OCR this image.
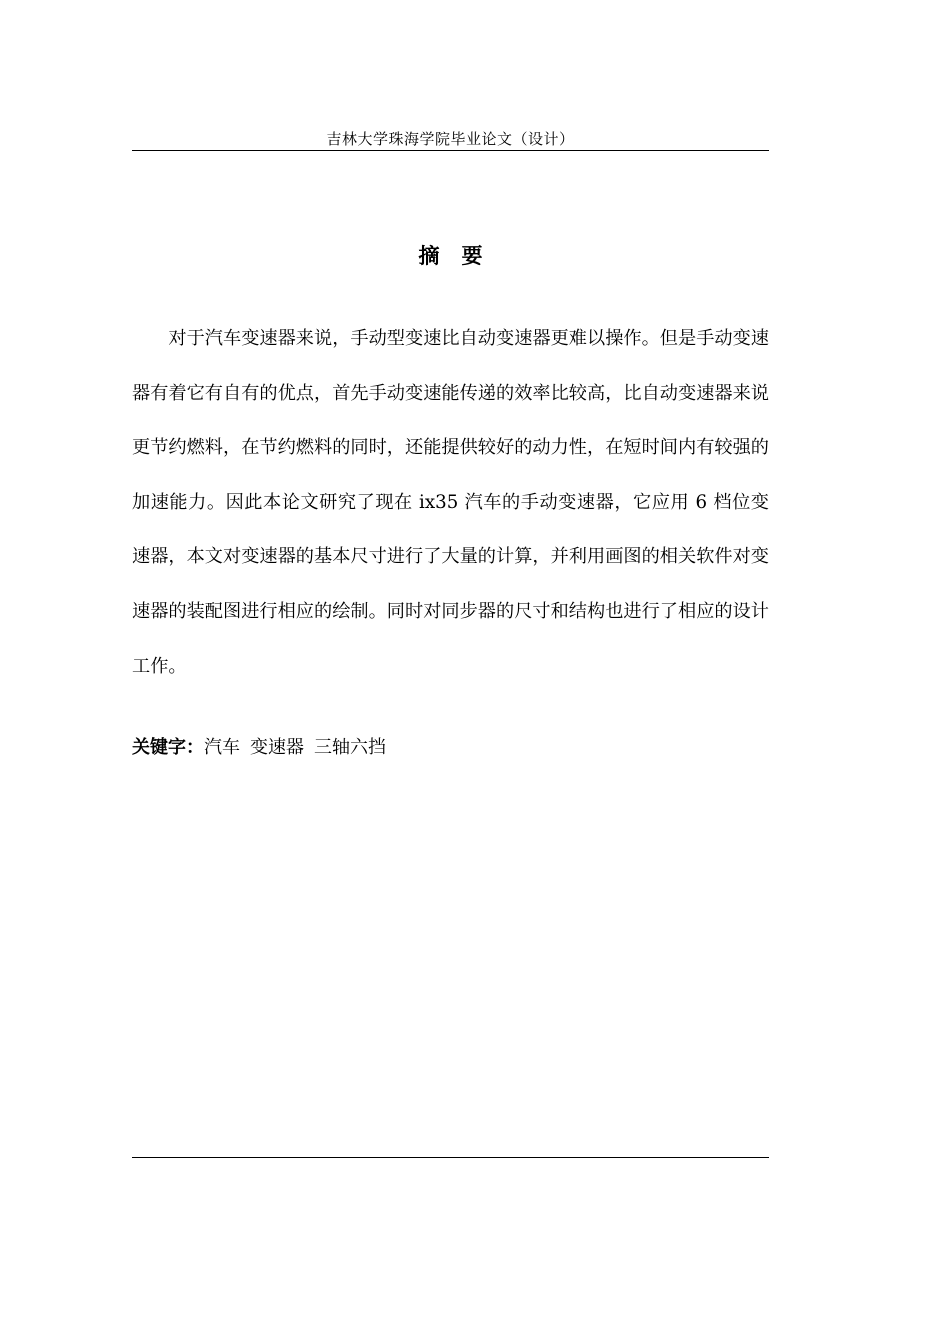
吉林大学珠海学院毕业论文（设计）
摘要

对于汽车变速器来说，手动型变速比自动变速器更难以操作。但是手动变速器有着它有自有的优点，首先手动变速能传递的效率比较高，比自动变速器来说更节约燃料，在节约燃料的同时，还能提供较好的动力性，在短时间内有较强的加速能力。因此本论文研究了现在 ix35 汽车的手动变速器，它应用 6 档位变速器，本文对变速器的基本尺寸进行了大量的计算，并利用画图的相关软件对变速器的装配图进行相应的绘制。同时对同步器的尺寸和结构也进行了相应的设计工作。

关键字：汽车 变速器 三轴六挡
